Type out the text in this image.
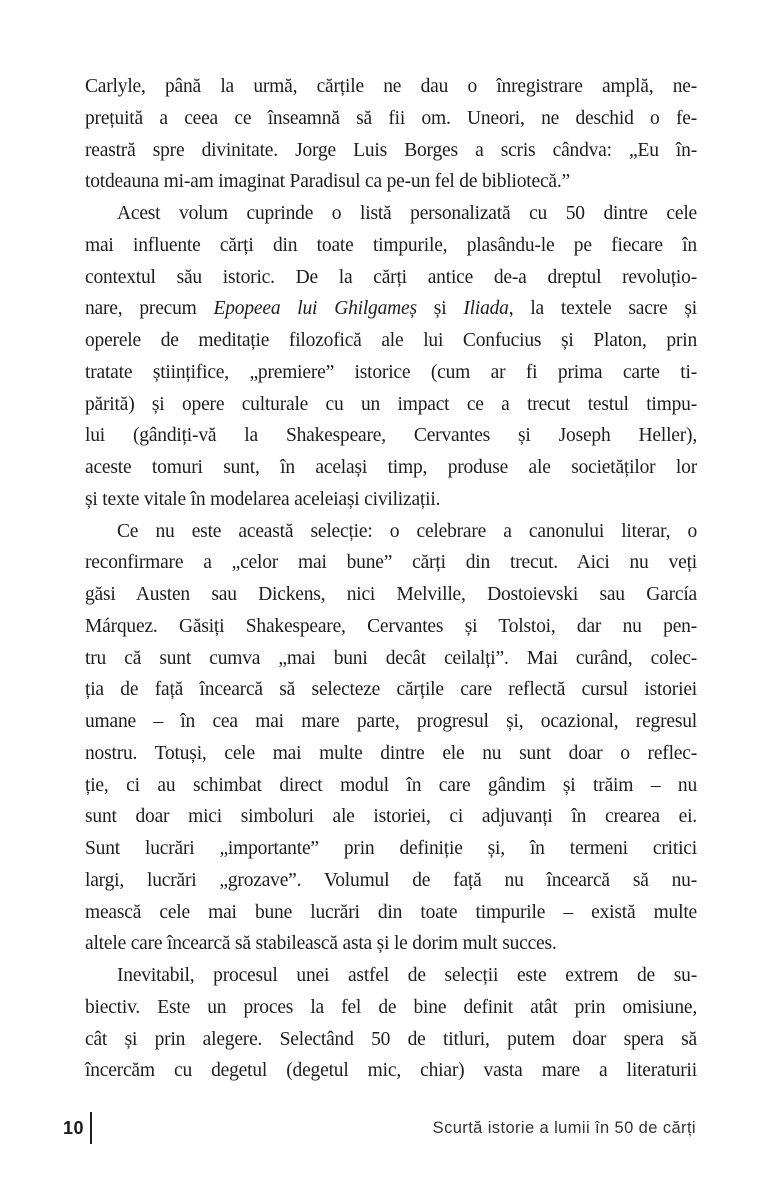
Carlyle, până la urmă, cărțile ne dau o înregistrare amplă, ne-
prețuită a ceea ce înseamnă să fii om. Uneori, ne deschid o fe-
reastră spre divinitate. Jorge Luis Borges a scris cândva: „Eu în-
totdeauna mi-am imaginat Paradisul ca pe-un fel de bibliotecă.”
Acest volum cuprinde o listă personalizată cu 50 dintre cele
mai influente cărți din toate timpurile, plasându-le pe fiecare în
contextul său istoric. De la cărți antice de-a dreptul revoluțio-
nare, precum Epopeea lui Ghilgameș și Iliada, la textele sacre și
operele de meditație filozofică ale lui Confucius și Platon, prin
tratate științifice, „premiere” istorice (cum ar fi prima carte ti-
părită) și opere culturale cu un impact ce a trecut testul timpu-
lui (gândiți-vă la Shakespeare, Cervantes și Joseph Heller),
aceste tomuri sunt, în același timp, produse ale societăților lor
și texte vitale în modelarea aceleiași civilizații.
Ce nu este această selecție: o celebrare a canonului literar, o
reconfirmare a „celor mai bune” cărți din trecut. Aici nu veți
găsi Austen sau Dickens, nici Melville, Dostoievski sau García
Márquez. Găsiți Shakespeare, Cervantes și Tolstoi, dar nu pen-
tru că sunt cumva „mai buni decât ceilalți”. Mai curând, colec-
ția de față încearcă să selecteze cărțile care reflectă cursul istoriei
umane – în cea mai mare parte, progresul și, ocazional, regresul
nostru. Totuși, cele mai multe dintre ele nu sunt doar o reflec-
ție, ci au schimbat direct modul în care gândim și trăim – nu
sunt doar mici simboluri ale istoriei, ci adjuvanți în crearea ei.
Sunt lucrări „importante” prin definiție și, în termeni critici
largi, lucrări „grozave”. Volumul de față nu încearcă să nu-
mească cele mai bune lucrări din toate timpurile – există multe
altele care încearcă să stabilească asta și le dorim mult succes.
Inevitabil, procesul unei astfel de selecții este extrem de su-
biectiv. Este un proces la fel de bine definit atât prin omisiune,
cât și prin alegere. Selectând 50 de titluri, putem doar spera să
încercăm cu degetul (degetul mic, chiar) vasta mare a literaturii
10	Scurtă istorie a lumii în 50 de cărți
